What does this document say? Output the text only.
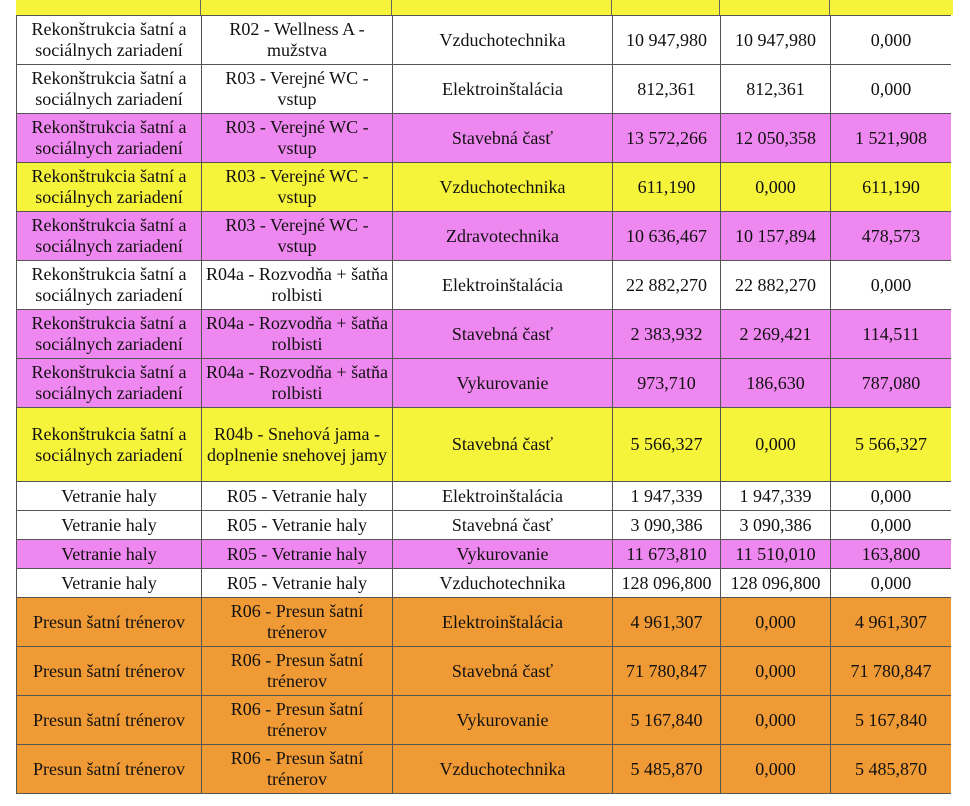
Rekonštrukcia šatní a sociálnych zariadení	R02 - Wellness A - mužstva	Vzduchotechnika	10 947,980	10 947,980	0,000
Rekonštrukcia šatní a sociálnych zariadení	R03 - Verejné WC - vstup	Elektroinštalácia	812,361	812,361	0,000
Rekonštrukcia šatní a sociálnych zariadení	R03 - Verejné WC - vstup	Stavebná časť	13 572,266	12 050,358	1 521,908
Rekonštrukcia šatní a sociálnych zariadení	R03 - Verejné WC - vstup	Vzduchotechnika	611,190	0,000	611,190
Rekonštrukcia šatní a sociálnych zariadení	R03 - Verejné WC - vstup	Zdravotechnika	10 636,467	10 157,894	478,573
Rekonštrukcia šatní a sociálnych zariadení	R04a - Rozvodňa + šatňa rolbisti	Elektroinštalácia	22 882,270	22 882,270	0,000
Rekonštrukcia šatní a sociálnych zariadení	R04a - Rozvodňa + šatňa rolbisti	Stavebná časť	2 383,932	2 269,421	114,511
Rekonštrukcia šatní a sociálnych zariadení	R04a - Rozvodňa + šatňa rolbisti	Vykurovanie	973,710	186,630	787,080
Rekonštrukcia šatní a sociálnych zariadení	R04b - Snehová jama - doplnenie snehovej jamy	Stavebná časť	5 566,327	0,000	5 566,327
Vetranie haly	R05 - Vetranie haly	Elektroinštalácia	1 947,339	1 947,339	0,000
Vetranie haly	R05 - Vetranie haly	Stavebná časť	3 090,386	3 090,386	0,000
Vetranie haly	R05 - Vetranie haly	Vykurovanie	11 673,810	11 510,010	163,800
Vetranie haly	R05 - Vetranie haly	Vzduchotechnika	128 096,800	128 096,800	0,000
Presun šatní trénerov	R06 - Presun šatní trénerov	Elektroinštalácia	4 961,307	0,000	4 961,307
Presun šatní trénerov	R06 - Presun šatní trénerov	Stavebná časť	71 780,847	0,000	71 780,847
Presun šatní trénerov	R06 - Presun šatní trénerov	Vykurovanie	5 167,840	0,000	5 167,840
Presun šatní trénerov	R06 - Presun šatní trénerov	Vzduchotechnika	5 485,870	0,000	5 485,870
